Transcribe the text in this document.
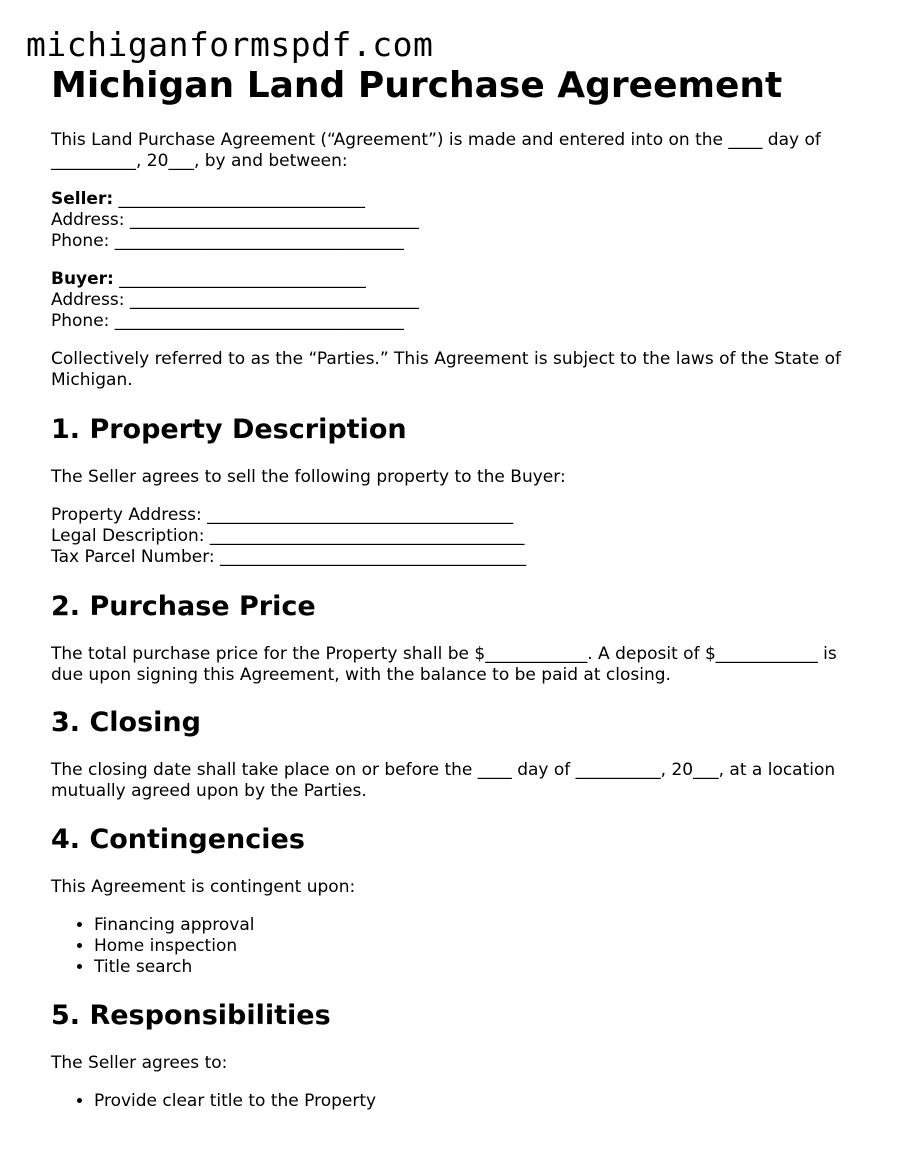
michiganformspdf.com
Michigan Land Purchase Agreement

This Land Purchase Agreement (“Agreement”) is made and entered into on the ____ day of __________, 20___, by and between:

Seller: _____________________________
Address: __________________________________
Phone: __________________________________
Buyer: _____________________________
Address: __________________________________
Phone: __________________________________

Collectively referred to as the “Parties.” This Agreement is subject to the laws of the State of Michigan.

1. Property Description

The Seller agrees to sell the following property to the Buyer:

Property Address: ____________________________________
Legal Description: _____________________________________
Tax Parcel Number: ____________________________________
2. Purchase Price

The total purchase price for the Property shall be $____________. A deposit of $____________ is due upon signing this Agreement, with the balance to be paid at closing.

3. Closing

The closing date shall take place on or before the ____ day of __________, 20___, at a location mutually agreed upon by the Parties.

4. Contingencies

This Agreement is contingent upon:

• Financing approval
• Home inspection
• Title search
5. Responsibilities

The Seller agrees to:

• Provide clear title to the Property
